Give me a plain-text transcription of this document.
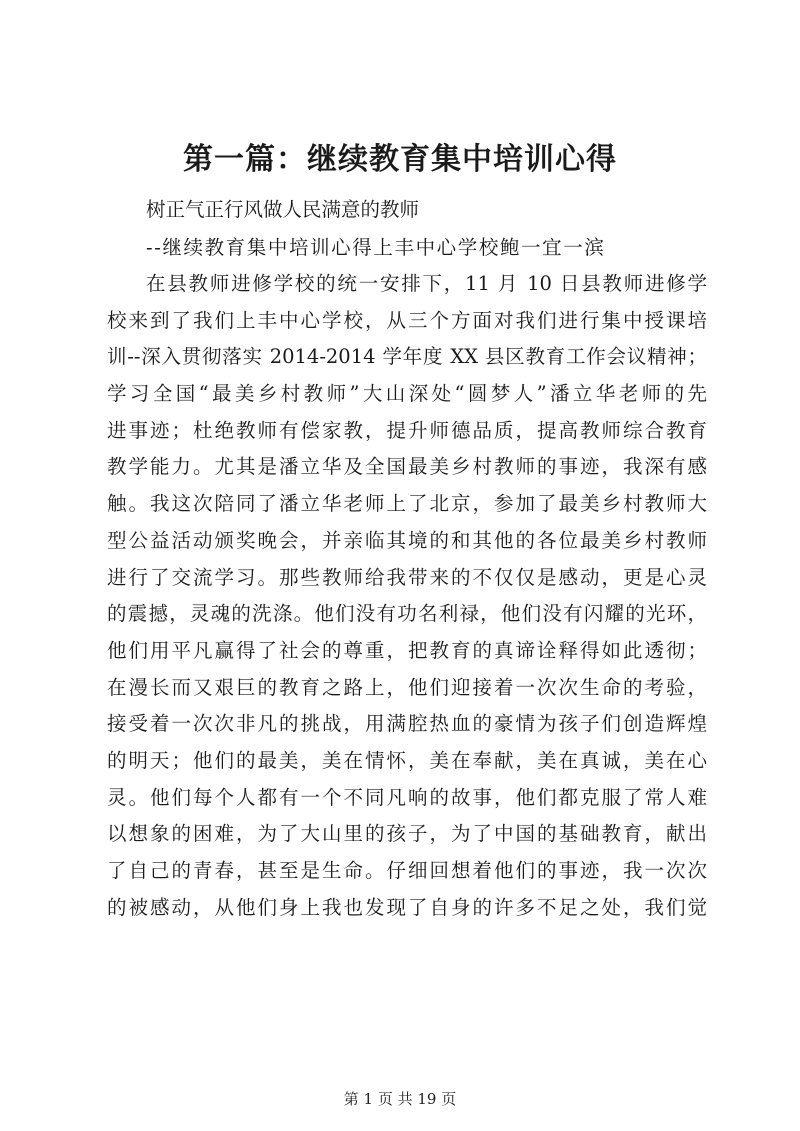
第一篇：继续教育集中培训心得
树正气正行风做人民满意的教师
--继续教育集中培训心得上丰中心学校鲍一宜一滨
在县教师进修学校的统一安排下，11 月 10 日县教师进修学
校来到了我们上丰中心学校，从三个方面对我们进行集中授课培
训--深入贯彻落实 2014-2014 学年度 XX 县区教育工作会议精神；
学习全国“最美乡村教师”大山深处“圆梦人”潘立华老师的先
进事迹；杜绝教师有偿家教，提升师德品质，提高教师综合教育
教学能力。尤其是潘立华及全国最美乡村教师的事迹，我深有感
触。我这次陪同了潘立华老师上了北京，参加了最美乡村教师大
型公益活动颁奖晚会，并亲临其境的和其他的各位最美乡村教师
进行了交流学习。那些教师给我带来的不仅仅是感动，更是心灵
的震撼，灵魂的洗涤。他们没有功名利禄，他们没有闪耀的光环，
他们用平凡赢得了社会的尊重，把教育的真谛诠释得如此透彻；
在漫长而又艰巨的教育之路上，他们迎接着一次次生命的考验，
接受着一次次非凡的挑战，用满腔热血的豪情为孩子们创造辉煌
的明天；他们的最美，美在情怀，美在奉献，美在真诚，美在心
灵。他们每个人都有一个不同凡响的故事，他们都克服了常人难
以想象的困难，为了大山里的孩子，为了中国的基础教育，献出
了自己的青春，甚至是生命。仔细回想着他们的事迹，我一次次
的被感动，从他们身上我也发现了自身的许多不足之处，我们觉
第 1 页 共 19 页
